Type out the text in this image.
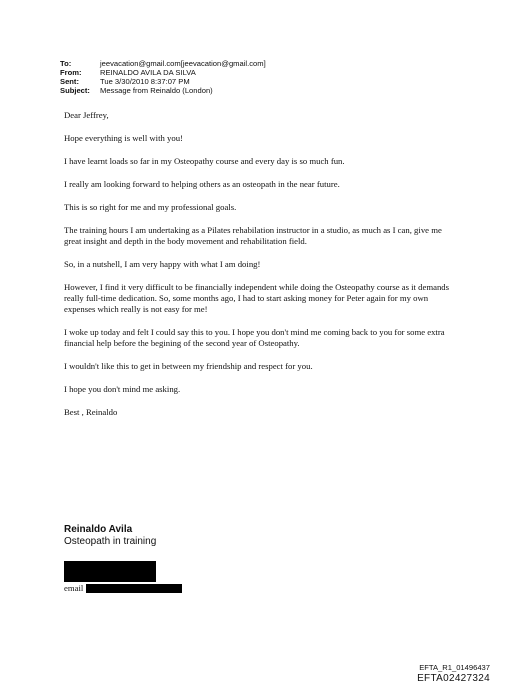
To:	jeevacation@gmail.com[jeevacation@gmail.com]
From:	REINALDO AVILA DA SILVA
Sent:	Tue 3/30/2010 8:37:07 PM
Subject:	Message from Reinaldo (London)

Dear Jeffrey,

Hope everything is well with you!

I have learnt loads so far in my Osteopathy course and every day is so much fun.

I really am looking forward to helping others as an osteopath in the near future.

This is so right for me and my professional goals.

The training hours I am undertaking as a Pilates rehabilation instructor in a studio, as much as I can, give me great insight and depth in the body movement and rehabilitation field.

So, in a nutshell, I am very happy with what I am doing!

However, I find it very difficult to be financially independent while doing the Osteopathy course as it demands really full-time dedication. So, some months ago, I had to start asking money for Peter again for my own expenses which really is not easy for me!

I woke up today and felt I could say this to you. I hope you don't mind me coming back to you for some extra financial help before the begining of the second year of Osteopathy.

I wouldn't like this to get in between my friendship and respect for you.

I hope you don't mind me asking.

Best , Reinaldo

Reinaldo Avila
Osteopath in training
email
EFTA_R1_01496437
EFTA02427324
